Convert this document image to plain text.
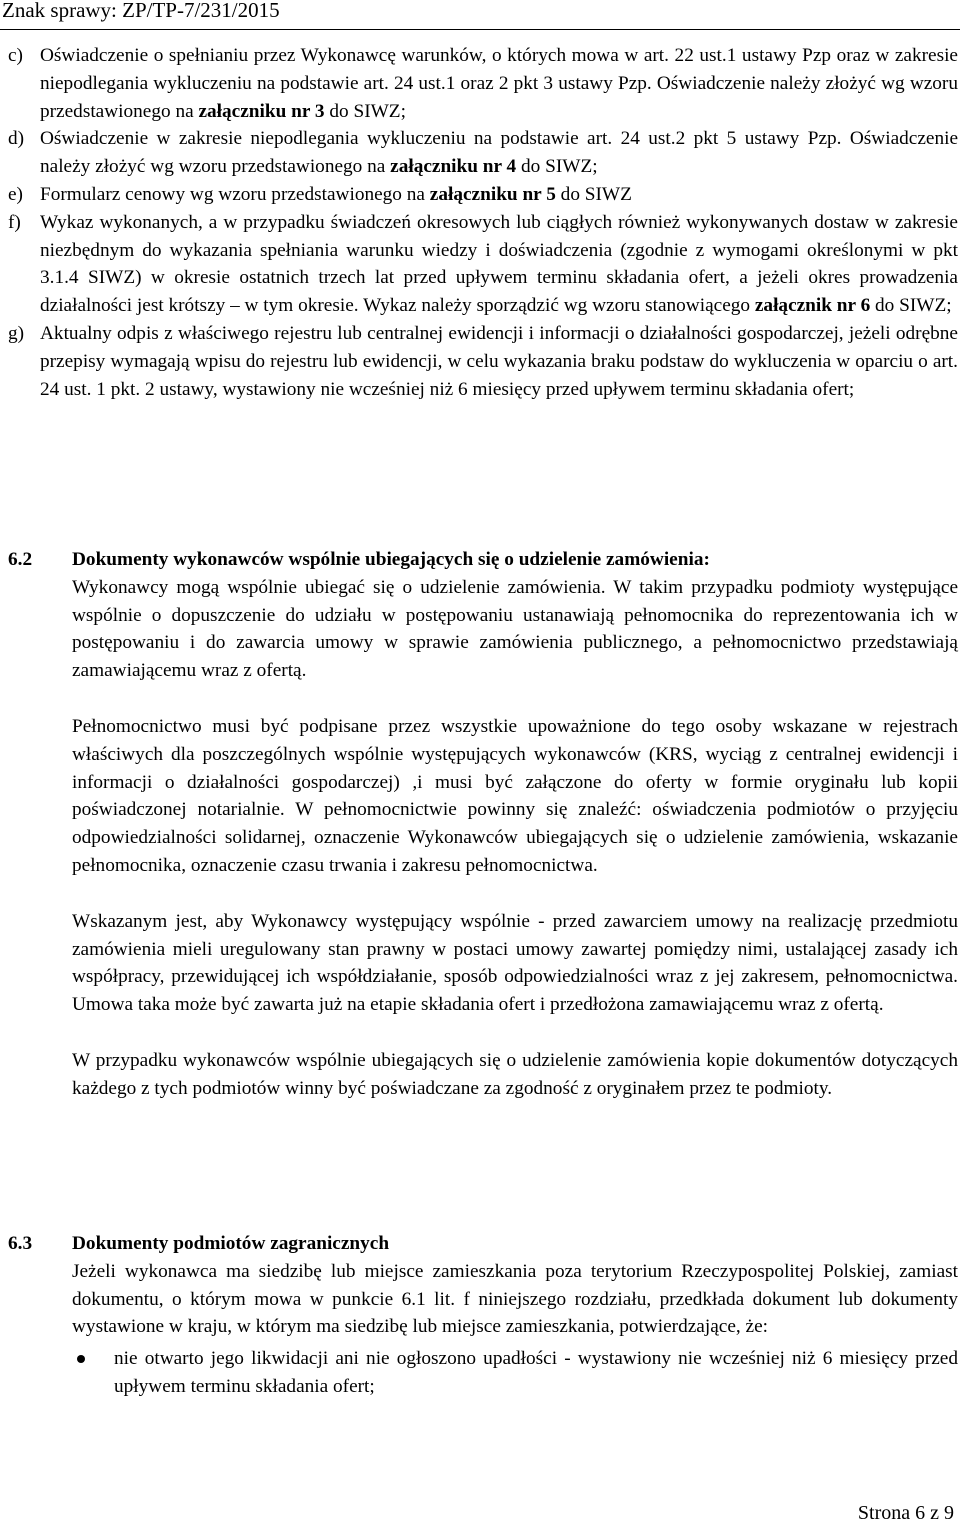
Znak sprawy: ZP/TP-7/231/2015
c) Oświadczenie o spełnianiu przez Wykonawcę warunków, o których mowa w art. 22 ust.1 ustawy Pzp oraz w zakresie niepodlegania wykluczeniu na podstawie art. 24 ust.1 oraz 2 pkt 3 ustawy Pzp. Oświadczenie należy złożyć wg wzoru przedstawionego na załączniku nr 3 do SIWZ;
d) Oświadczenie w zakresie niepodlegania wykluczeniu na podstawie art. 24 ust.2 pkt 5 ustawy Pzp. Oświadczenie należy złożyć wg wzoru przedstawionego na załączniku nr 4 do SIWZ;
e) Formularz cenowy wg wzoru przedstawionego na załączniku nr 5 do SIWZ
f) Wykaz wykonanych, a w przypadku świadczeń okresowych lub ciągłych również wykonywanych dostaw w zakresie niezbędnym do wykazania spełniania warunku wiedzy i doświadczenia (zgodnie z wymogami określonymi w pkt 3.1.4 SIWZ) w okresie ostatnich trzech lat przed upływem terminu składania ofert, a jeżeli okres prowadzenia działalności jest krótszy – w tym okresie. Wykaz należy sporządzić wg wzoru stanowiącego załącznik nr 6 do SIWZ;
g) Aktualny odpis z właściwego rejestru lub centralnej ewidencji i informacji o działalności gospodarczej, jeżeli odrębne przepisy wymagają wpisu do rejestru lub ewidencji, w celu wykazania braku podstaw do wykluczenia w oparciu o art. 24 ust. 1 pkt. 2 ustawy, wystawiony nie wcześniej niż 6 miesięcy przed upływem terminu składania ofert;
6.2	Dokumenty wykonawców wspólnie ubiegających się o udzielenie zamówienia:
Wykonawcy mogą wspólnie ubiegać się o udzielenie zamówienia. W takim przypadku podmioty występujące wspólnie o dopuszczenie do udziału w postępowaniu ustanawiają pełnomocnika do reprezentowania ich w postępowaniu i do zawarcia umowy w sprawie zamówienia publicznego, a pełnomocnictwo przedstawiają zamawiającemu wraz z ofertą.
Pełnomocnictwo musi być podpisane przez wszystkie upoważnione do tego osoby wskazane w rejestrach właściwych dla poszczególnych wspólnie występujących wykonawców (KRS, wyciąg z centralnej ewidencji i informacji o działalności gospodarczej) ,i musi być załączone do oferty w formie oryginału lub kopii poświadczonej notarialnie. W pełnomocnictwie powinny się znaleźć: oświadczenia podmiotów o przyjęciu odpowiedzialności solidarnej, oznaczenie Wykonawców ubiegających się o udzielenie zamówienia, wskazanie pełnomocnika, oznaczenie czasu trwania i zakresu pełnomocnictwa.
Wskazanym jest, aby Wykonawcy występujący wspólnie - przed zawarciem umowy na realizację przedmiotu zamówienia mieli uregulowany stan prawny w postaci umowy zawartej pomiędzy nimi, ustalającej zasady ich współpracy, przewidującej ich współdziałanie, sposób odpowiedzialności wraz z jej zakresem, pełnomocnictwa. Umowa taka może być zawarta już na etapie składania ofert i przedłożona zamawiającemu wraz z ofertą.
W przypadku wykonawców wspólnie ubiegających się o udzielenie zamówienia kopie dokumentów dotyczących każdego z tych podmiotów winny być poświadczane za zgodność z oryginałem przez te podmioty.
6.3	Dokumenty podmiotów zagranicznych
Jeżeli wykonawca ma siedzibę lub miejsce zamieszkania poza terytorium Rzeczypospolitej Polskiej, zamiast dokumentu, o którym mowa w punkcie 6.1 lit. f niniejszego rozdziału, przedkłada dokument lub dokumenty wystawione w kraju, w którym ma siedzibę lub miejsce zamieszkania, potwierdzające, że:
nie otwarto jego likwidacji ani nie ogłoszono upadłości - wystawiony nie wcześniej niż 6 miesięcy przed upływem terminu składania ofert;
Strona 6 z 9
